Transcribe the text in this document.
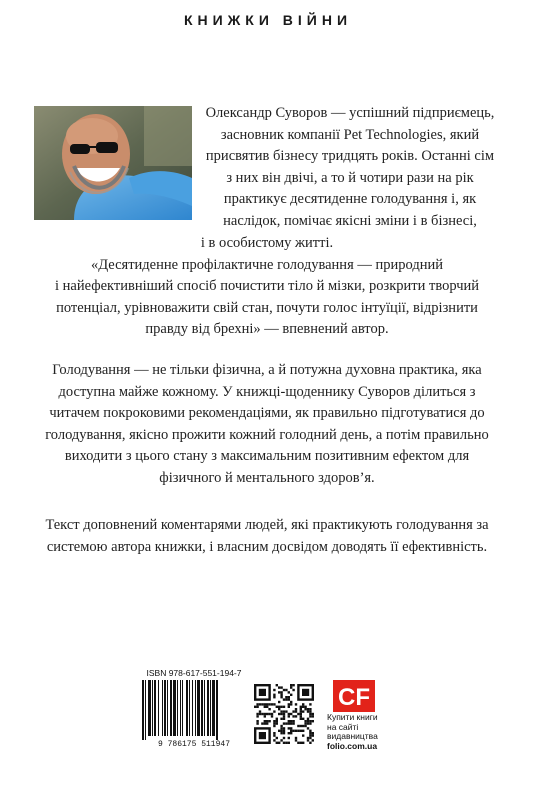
КНИЖКИ ВІЙНИ
Олександр Суворов — успішний підприємець,
засновник компанії Pet Technologies, який
присвятив бізнесу тридцять років. Останні сім
з них він двічі, а то й чотири рази на рік
практикує десятиденне голодування і, як
наслідок, помічає якісні зміни і в бізнесі,
і в особистому житті.
«Десятиденне профілактичне голодування — природний
і найефективніший спосіб почистити тіло й мізки, розкрити творчий
потенціал, урівноважити свій стан, почути голос інтуїції, відрізнити
правду від брехні» — впевнений автор.
Голодування — не тільки фізична, а й потужна духовна практика, яка
доступна майже кожному. У книжці-щоденнику Суворов ділиться з
читачем покроковими рекомендаціями, як правильно підготуватися до
голодування, якісно прожити кожний голодний день, а потім правильно
виходити з цього стану з максимальним позитивним ефектом для
фізичного й ментального здоров’я.
Текст доповнений коментарями людей, які практикують голодування за
системою автора книжки, і власним досвідом доводять її ефективність.
ISBN 978-617-551-194-7
9 786175 511947
CF
Купити книги
на сайті
видавництва
folio.com.ua
